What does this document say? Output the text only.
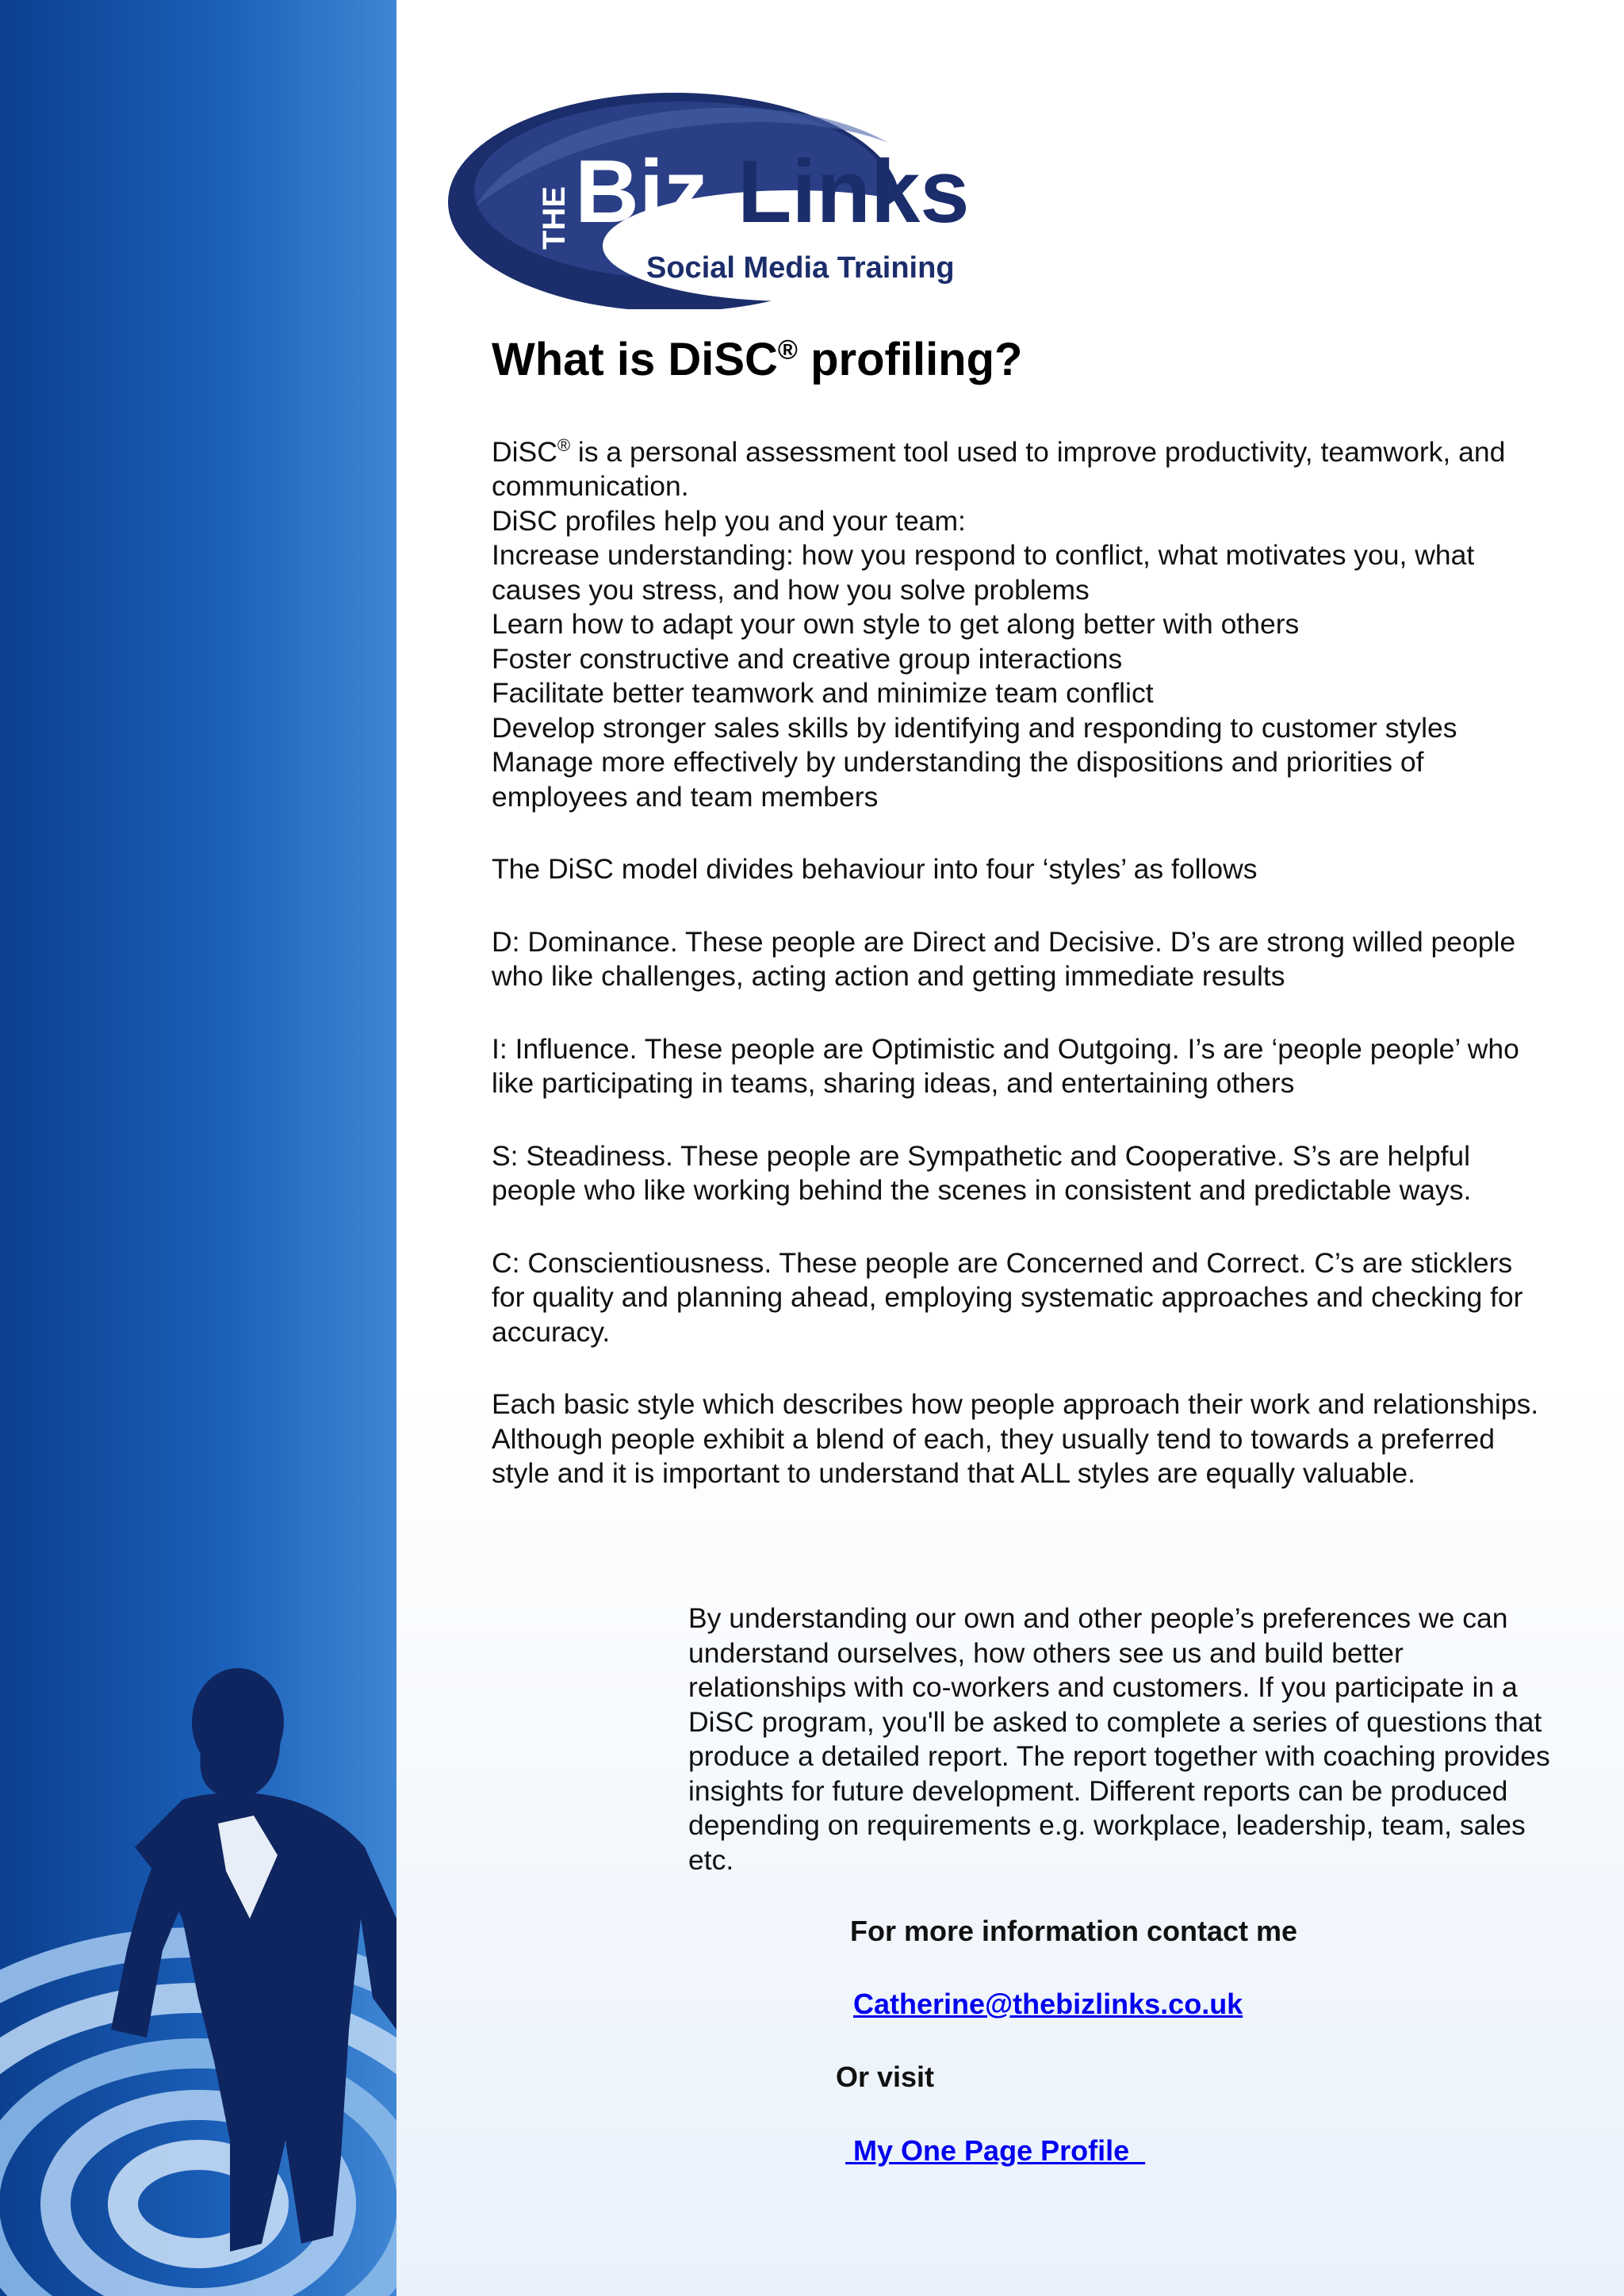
THE Biz Links
Social Media Training
What is DiSC® profiling?

DiSC® is a personal assessment tool used to improve productivity, teamwork, and communication.

DiSC profiles help you and your team:
Increase understanding: how you respond to conflict, what motivates you, what causes you stress, and how you solve problems
Learn how to adapt your own style to get along better with others
Foster constructive and creative group interactions
Facilitate better teamwork and minimize team conflict
Develop stronger sales skills by identifying and responding to customer styles
Manage more effectively by understanding the dispositions and priorities of employees and team members

The DiSC model divides behaviour into four ‘styles’ as follows

D: Dominance. These people are Direct and Decisive. D’s are strong willed people who like challenges, acting action and getting immediate results

I: Influence. These people are Optimistic and Outgoing. I’s are ‘people people’ who like participating in teams, sharing ideas, and entertaining others

S: Steadiness. These people are Sympathetic and Cooperative. S’s are helpful people who like working behind the scenes in consistent and predictable ways.

C: Conscientiousness. These people are Concerned and Correct. C’s are sticklers for quality and planning ahead, employing systematic approaches and checking for accuracy.

Each basic style which describes how people approach their work and relationships. Although people exhibit a blend of each, they usually tend to towards a preferred style and it is important to understand that ALL styles are equally valuable.

By understanding our own and other people’s preferences we can understand ourselves, how others see us and build better relationships with co-workers and customers. If you participate in a DiSC program, you'll be asked to complete a series of questions that produce a detailed report. The report together with coaching provides insights for future development. Different reports can be produced depending on requirements e.g. workplace, leadership, team, sales etc.

For more information contact me
Catherine@thebizlinks.co.uk
Or visit
My One Page Profile
